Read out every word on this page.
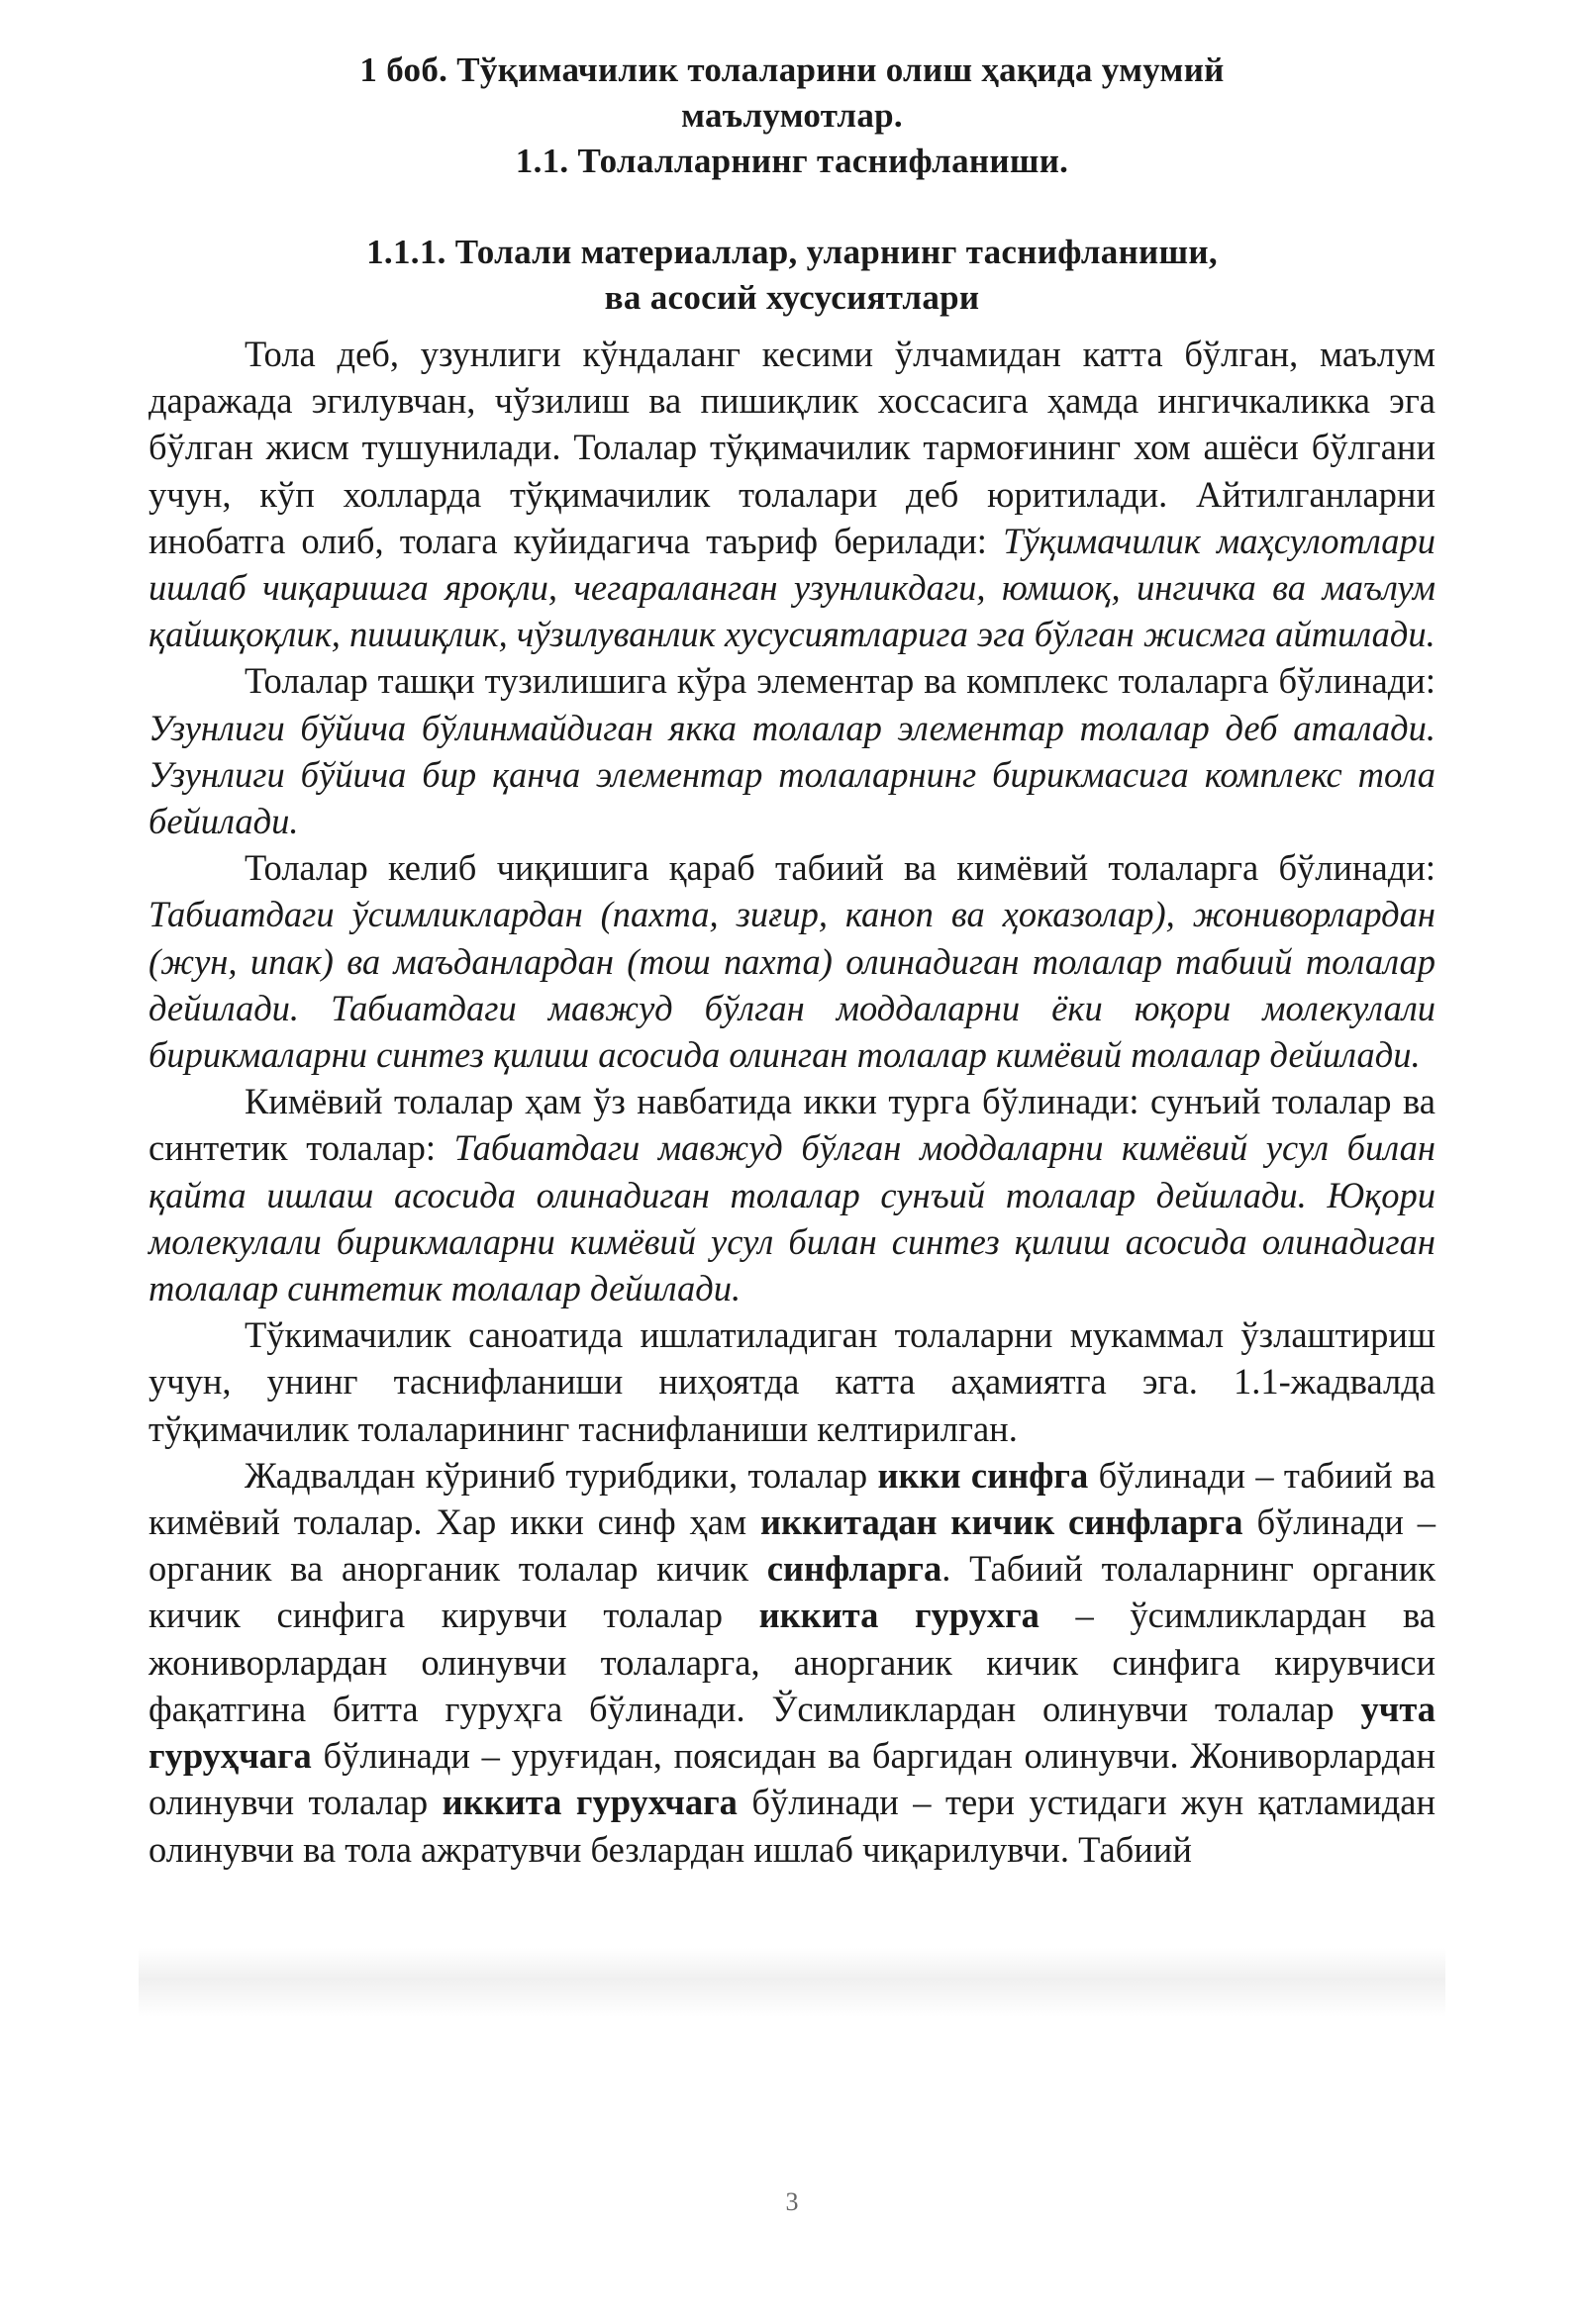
1 боб. Тўқимачилик толаларини олиш ҳақида умумий

маълумотлар.

1.1. Толалларнинг таснифланиши.

1.1.1. Толали материаллар, уларнинг таснифланиши,

ва асосий хусусиятлари

Тола деб, узунлиги кўндаланг кесими ўлчамидан катта бўлган, маълум даражада эгилувчан, чўзилиш ва пишиқлик хоссасига ҳамда ингичкаликка эга бўлган жисм тушунилади. Толалар тўқимачилик тармоғининг хом ашёси бўлгани учун, кўп холларда тўқимачилик толалари деб юритилади. Айтилганларни инобатга олиб, толага куйидагича таъриф берилади: Тўқимачилик маҳсулотлари ишлаб чиқаришга яроқли, чегараланган узунликдаги, юмшоқ, ингичка ва маълум қайшқоқлик, пишиқлик, чўзилуванлик хусусиятларига эга бўлган жисмга айтилади.

Толалар ташқи тузилишига кўра элементар ва комплекс толаларга бўлинади: Узунлиги бўйича бўлинмайдиган якка толалар элементар толалар деб аталади. Узунлиги бўйича бир қанча элементар толаларнинг бирикмасига комплекс тола бейилади.

Толалар келиб чиқишига қараб табиий ва кимёвий толаларга бўлинади: Табиатдаги ўсимликлардан (пахта, зиғир, каноп ва ҳоказолар), жониворлардан (жун, ипак) ва маъданлардан (тош пахта) олинадиган толалар табиий толалар дейилади. Табиатдаги мавжуд бўлган моддаларни ёки юқори молекулали бирикмаларни синтез қилиш асосида олинган толалар кимёвий толалар дейилади.

Кимёвий толалар ҳам ўз навбатида икки турга бўлинади: сунъий толалар ва синтетик толалар: Табиатдаги мавжуд бўлган моддаларни кимёвий усул билан қайта ишлаш асосида олинадиган толалар сунъий толалар дейилади. Юқори молекулали бирикмаларни кимёвий усул билан синтез қилиш асосида олинадиган толалар синтетик толалар дейилади.

Тўкимачилик саноатида ишлатиладиган толаларни мукаммал ўзлаштириш учун, унинг таснифланиши ниҳоятда катта аҳамиятга эга. 1.1-жадвалда тўқимачилик толаларининг таснифланиши келтирилган.

Жадвалдан кўриниб турибдики, толалар икки синфга бўлинади – табиий ва кимёвий толалар. Хар икки синф ҳам иккитадан кичик синфларга бўлинади – органик ва анорганик толалар кичик синфларга. Табиий толаларнинг органик кичик синфига кирувчи толалар иккита гурухга – ўсимликлардан ва жониворлардан олинувчи толаларга, анорганик кичик синфига кирувчиси фақатгина битта гуруҳга бўлинади. Ўсимликлардан олинувчи толалар учта гуруҳчага бўлинади – уруғидан, поясидан ва баргидан олинувчи. Жониворлардан олинувчи толалар иккита гурухчага бўлинади – тери устидаги жун қатламидан олинувчи ва тола ажратувчи безлардан ишлаб чиқарилувчи. Табиий

3
